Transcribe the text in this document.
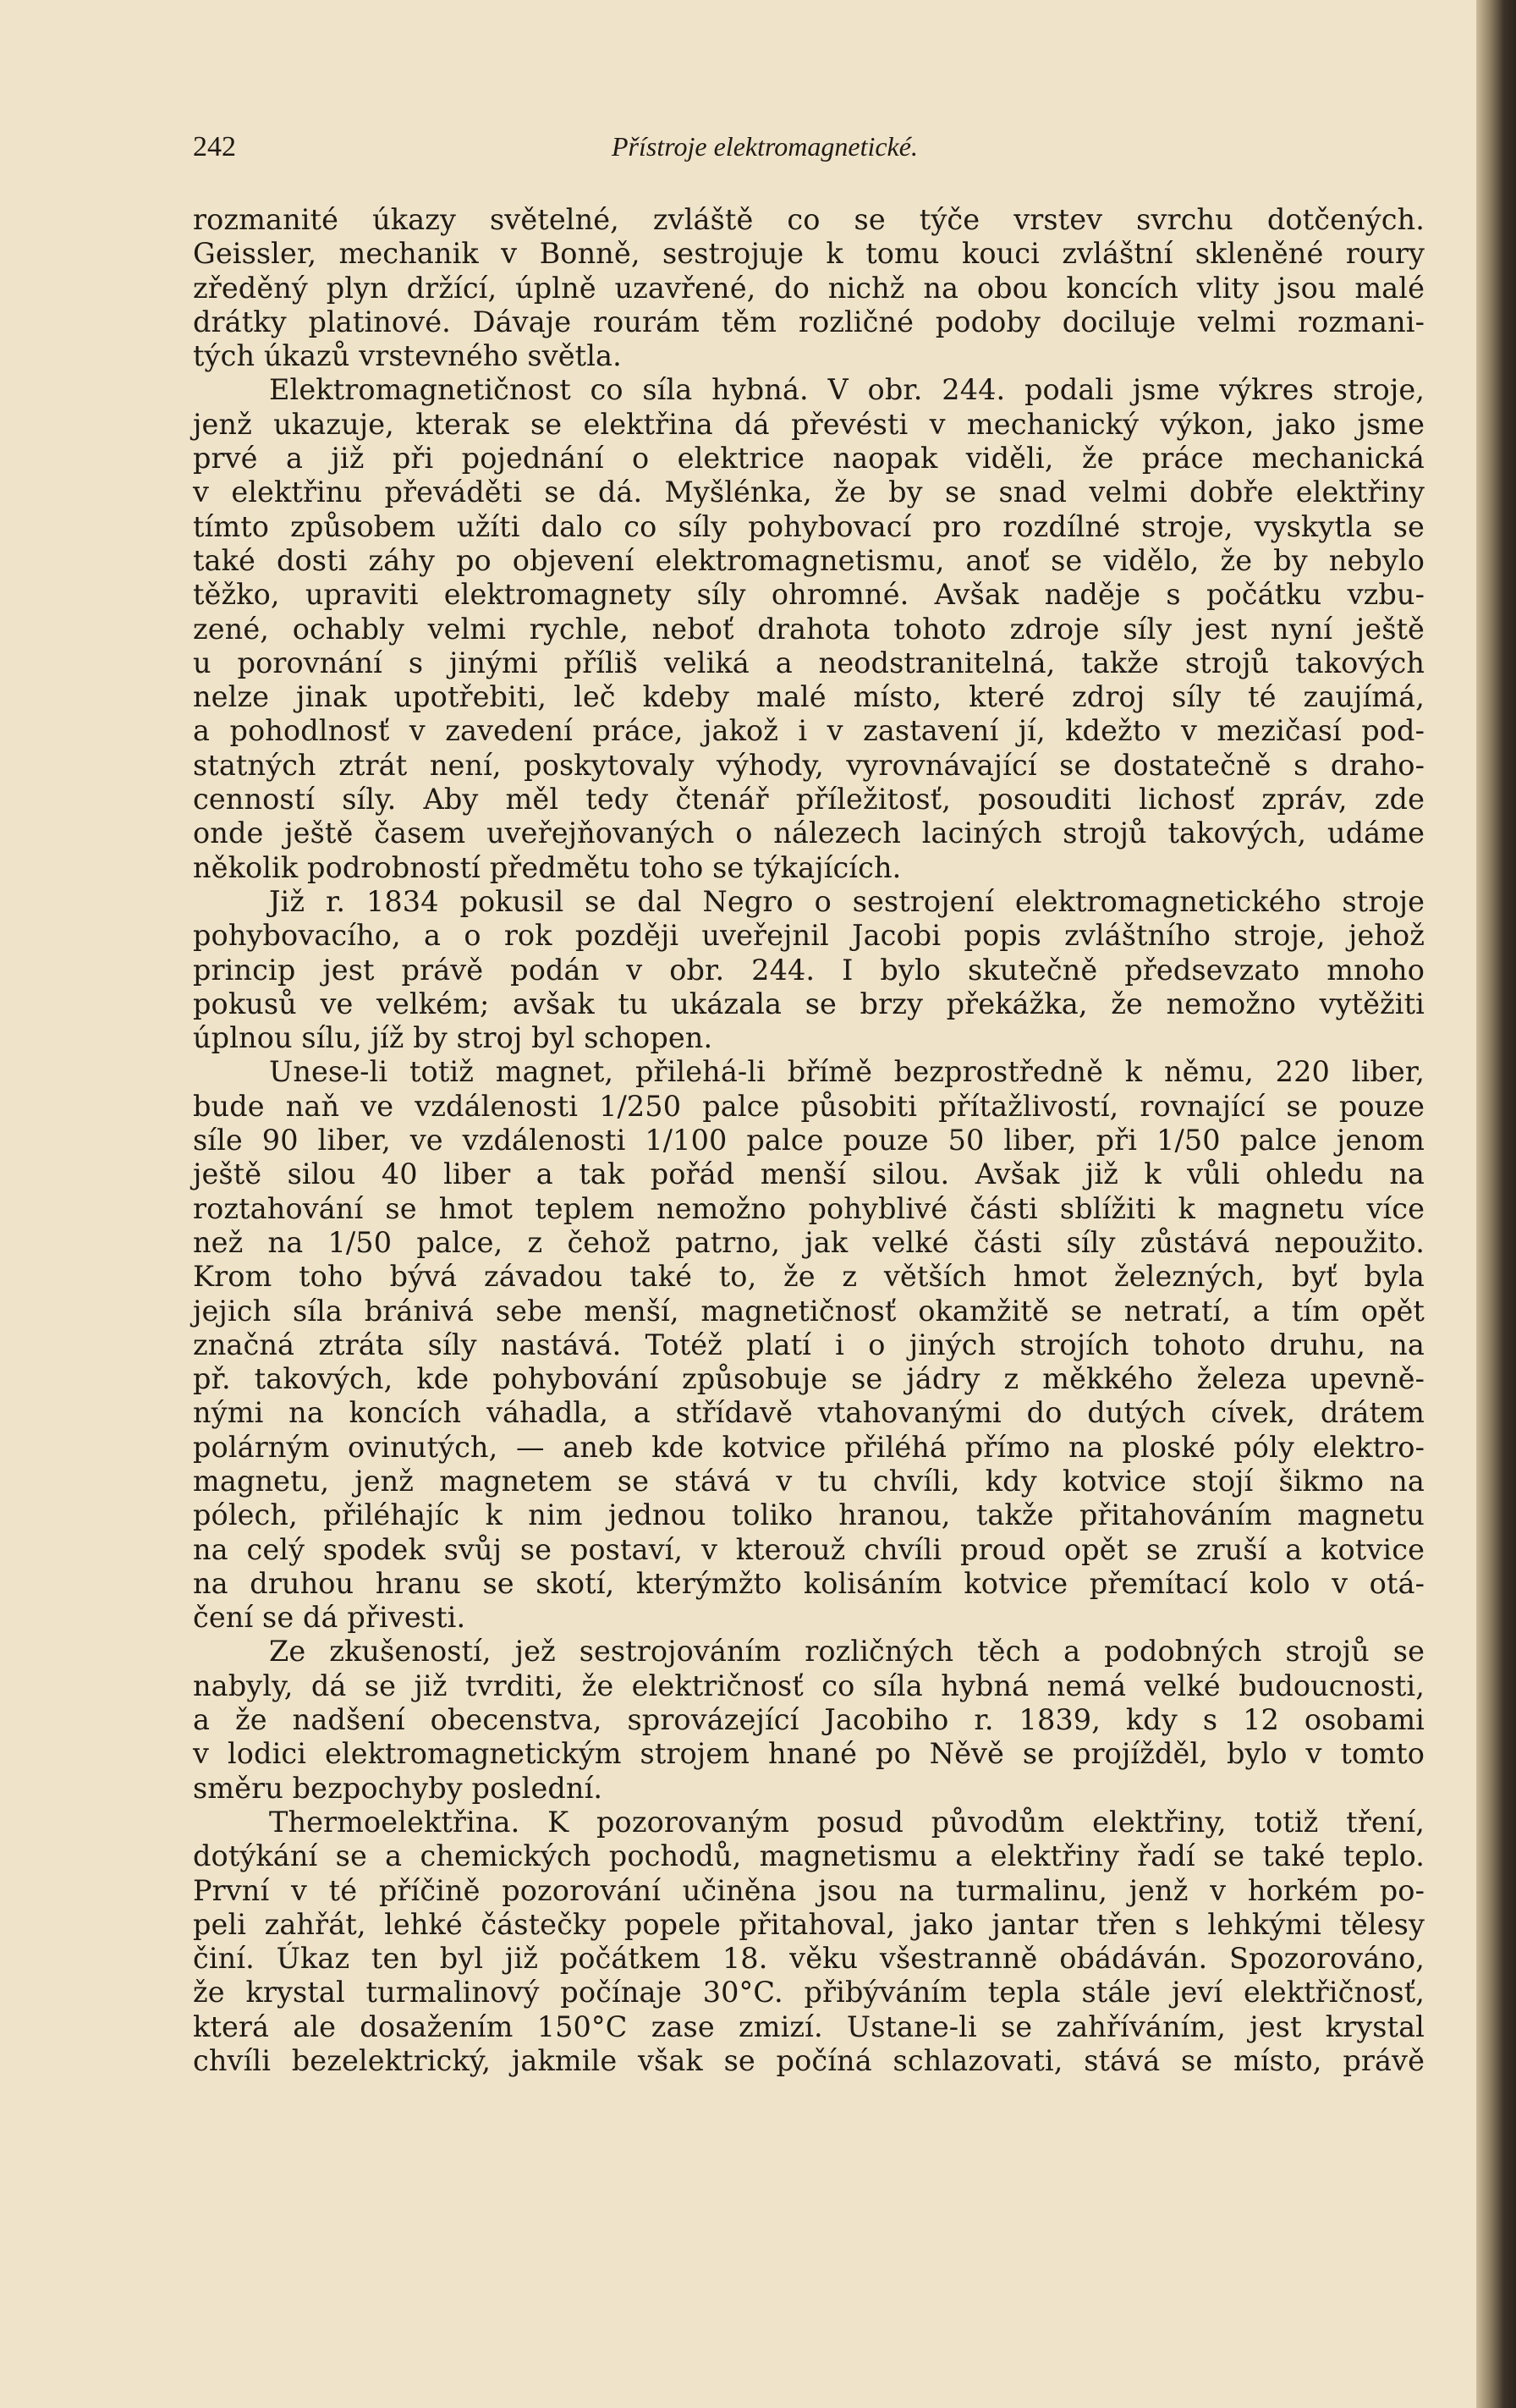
242	Přístroje elektromagnetické.
rozmanité úkazy světelné, zvláště co se týče vrstev svrchu dotčených.
Geissler, mechanik v Bonně, sestrojuje k tomu kouci zvláštní skleněné roury
zředěný plyn držící, úplně uzavřené, do nichž na obou koncích vlity jsou malé
drátky platinové. Dávaje rourám těm rozličné podoby dociluje velmi rozmani-
tých úkazů vrstevného světla.
Elektromagnetičnost co síla hybná. V obr. 244. podali jsme výkres stroje,
jenž ukazuje, kterak se elektřina dá převésti v mechanický výkon, jako jsme
prvé a již při pojednání o elektrice naopak viděli, že práce mechanická
v elektřinu převáděti se dá. Myšlénka, že by se snad velmi dobře elektřiny
tímto způsobem užíti dalo co síly pohybovací pro rozdílné stroje, vyskytla se
také dosti záhy po objevení elektromagnetismu, anoť se vidělo, že by nebylo
těžko, upraviti elektromagnety síly ohromné. Avšak naděje s počátku vzbu-
zené, ochably velmi rychle, neboť drahota tohoto zdroje síly jest nyní ještě
u porovnání s jinými příliš veliká a neodstranitelná, takže strojů takových
nelze jinak upotřebiti, leč kdeby malé místo, které zdroj síly té zaujímá,
a pohodlnosť v zavedení práce, jakož i v zastavení jí, kdežto v mezičasí pod-
statných ztrát není, poskytovaly výhody, vyrovnávající se dostatečně s draho-
cenností síly. Aby měl tedy čtenář příležitosť, posouditi lichosť zpráv, zde
onde ještě časem uveřejňovaných o nálezech laciných strojů takových, udáme
několik podrobností předmětu toho se týkajících.
Již r. 1834 pokusil se dal Negro o sestrojení elektromagnetického stroje
pohybovacího, a o rok později uveřejnil Jacobi popis zvláštního stroje, jehož
princip jest právě podán v obr. 244. I bylo skutečně předsevzato mnoho
pokusů ve velkém; avšak tu ukázala se brzy překážka, že nemožno vytěžiti
úplnou sílu, jíž by stroj byl schopen.
Unese-li totiž magnet, přilehá-li břímě bezprostředně k němu, 220 liber,
bude naň ve vzdálenosti 1/250 palce působiti přítažlivostí, rovnající se pouze
síle 90 liber, ve vzdálenosti 1/100 palce pouze 50 liber, při 1/50 palce jenom
ještě silou 40 liber a tak pořád menší silou. Avšak již k vůli ohledu na
roztahování se hmot teplem nemožno pohyblivé části sblížiti k magnetu více
než na 1/50 palce, z čehož patrno, jak velké části síly zůstává nepoužito.
Krom toho bývá závadou také to, že z větších hmot železných, byť byla
jejich síla bránivá sebe menší, magnetičnosť okamžitě se netratí, a tím opět
značná ztráta síly nastává. Totéž platí i o jiných strojích tohoto druhu, na
př. takových, kde pohybování způsobuje se jádry z měkkého železa upevně-
nými na koncích váhadla, a střídavě vtahovanými do dutých cívek, drátem
polárným ovinutých, — aneb kde kotvice přiléhá přímo na ploské póly elektro-
magnetu, jenž magnetem se stává v tu chvíli, kdy kotvice stojí šikmo na
pólech, přiléhajíc k nim jednou toliko hranou, takže přitahováním magnetu
na celý spodek svůj se postaví, v kterouž chvíli proud opět se zruší a kotvice
na druhou hranu se skotí, kterýmžto kolisáním kotvice přemítací kolo v otá-
čení se dá přivesti.
Ze zkušeností, jež sestrojováním rozličných těch a podobných strojů se
nabyly, dá se již tvrditi, že električnosť co síla hybná nemá velké budoucnosti,
a že nadšení obecenstva, sprovázející Jacobiho r. 1839, kdy s 12 osobami
v lodici elektromagnetickým strojem hnané po Něvě se projížděl, bylo v tomto
směru bezpochyby poslední.
Thermoelektřina. K pozorovaným posud původům elektřiny, totiž tření,
dotýkání se a chemických pochodů, magnetismu a elektřiny řadí se také teplo.
První v té příčině pozorování učiněna jsou na turmalinu, jenž v horkém po-
peli zahřát, lehké částečky popele přitahoval, jako jantar třen s lehkými tělesy
činí. Úkaz ten byl již počátkem 18. věku všestranně obádáván. Spozorováno,
že krystal turmalinový počínaje 30°C. přibýváním tepla stále jeví elektřičnosť,
která ale dosažením 150°C zase zmizí. Ustane-li se zahříváním, jest krystal
chvíli bezelektrický, jakmile však se počíná schlazovati, stává se místo, právě
